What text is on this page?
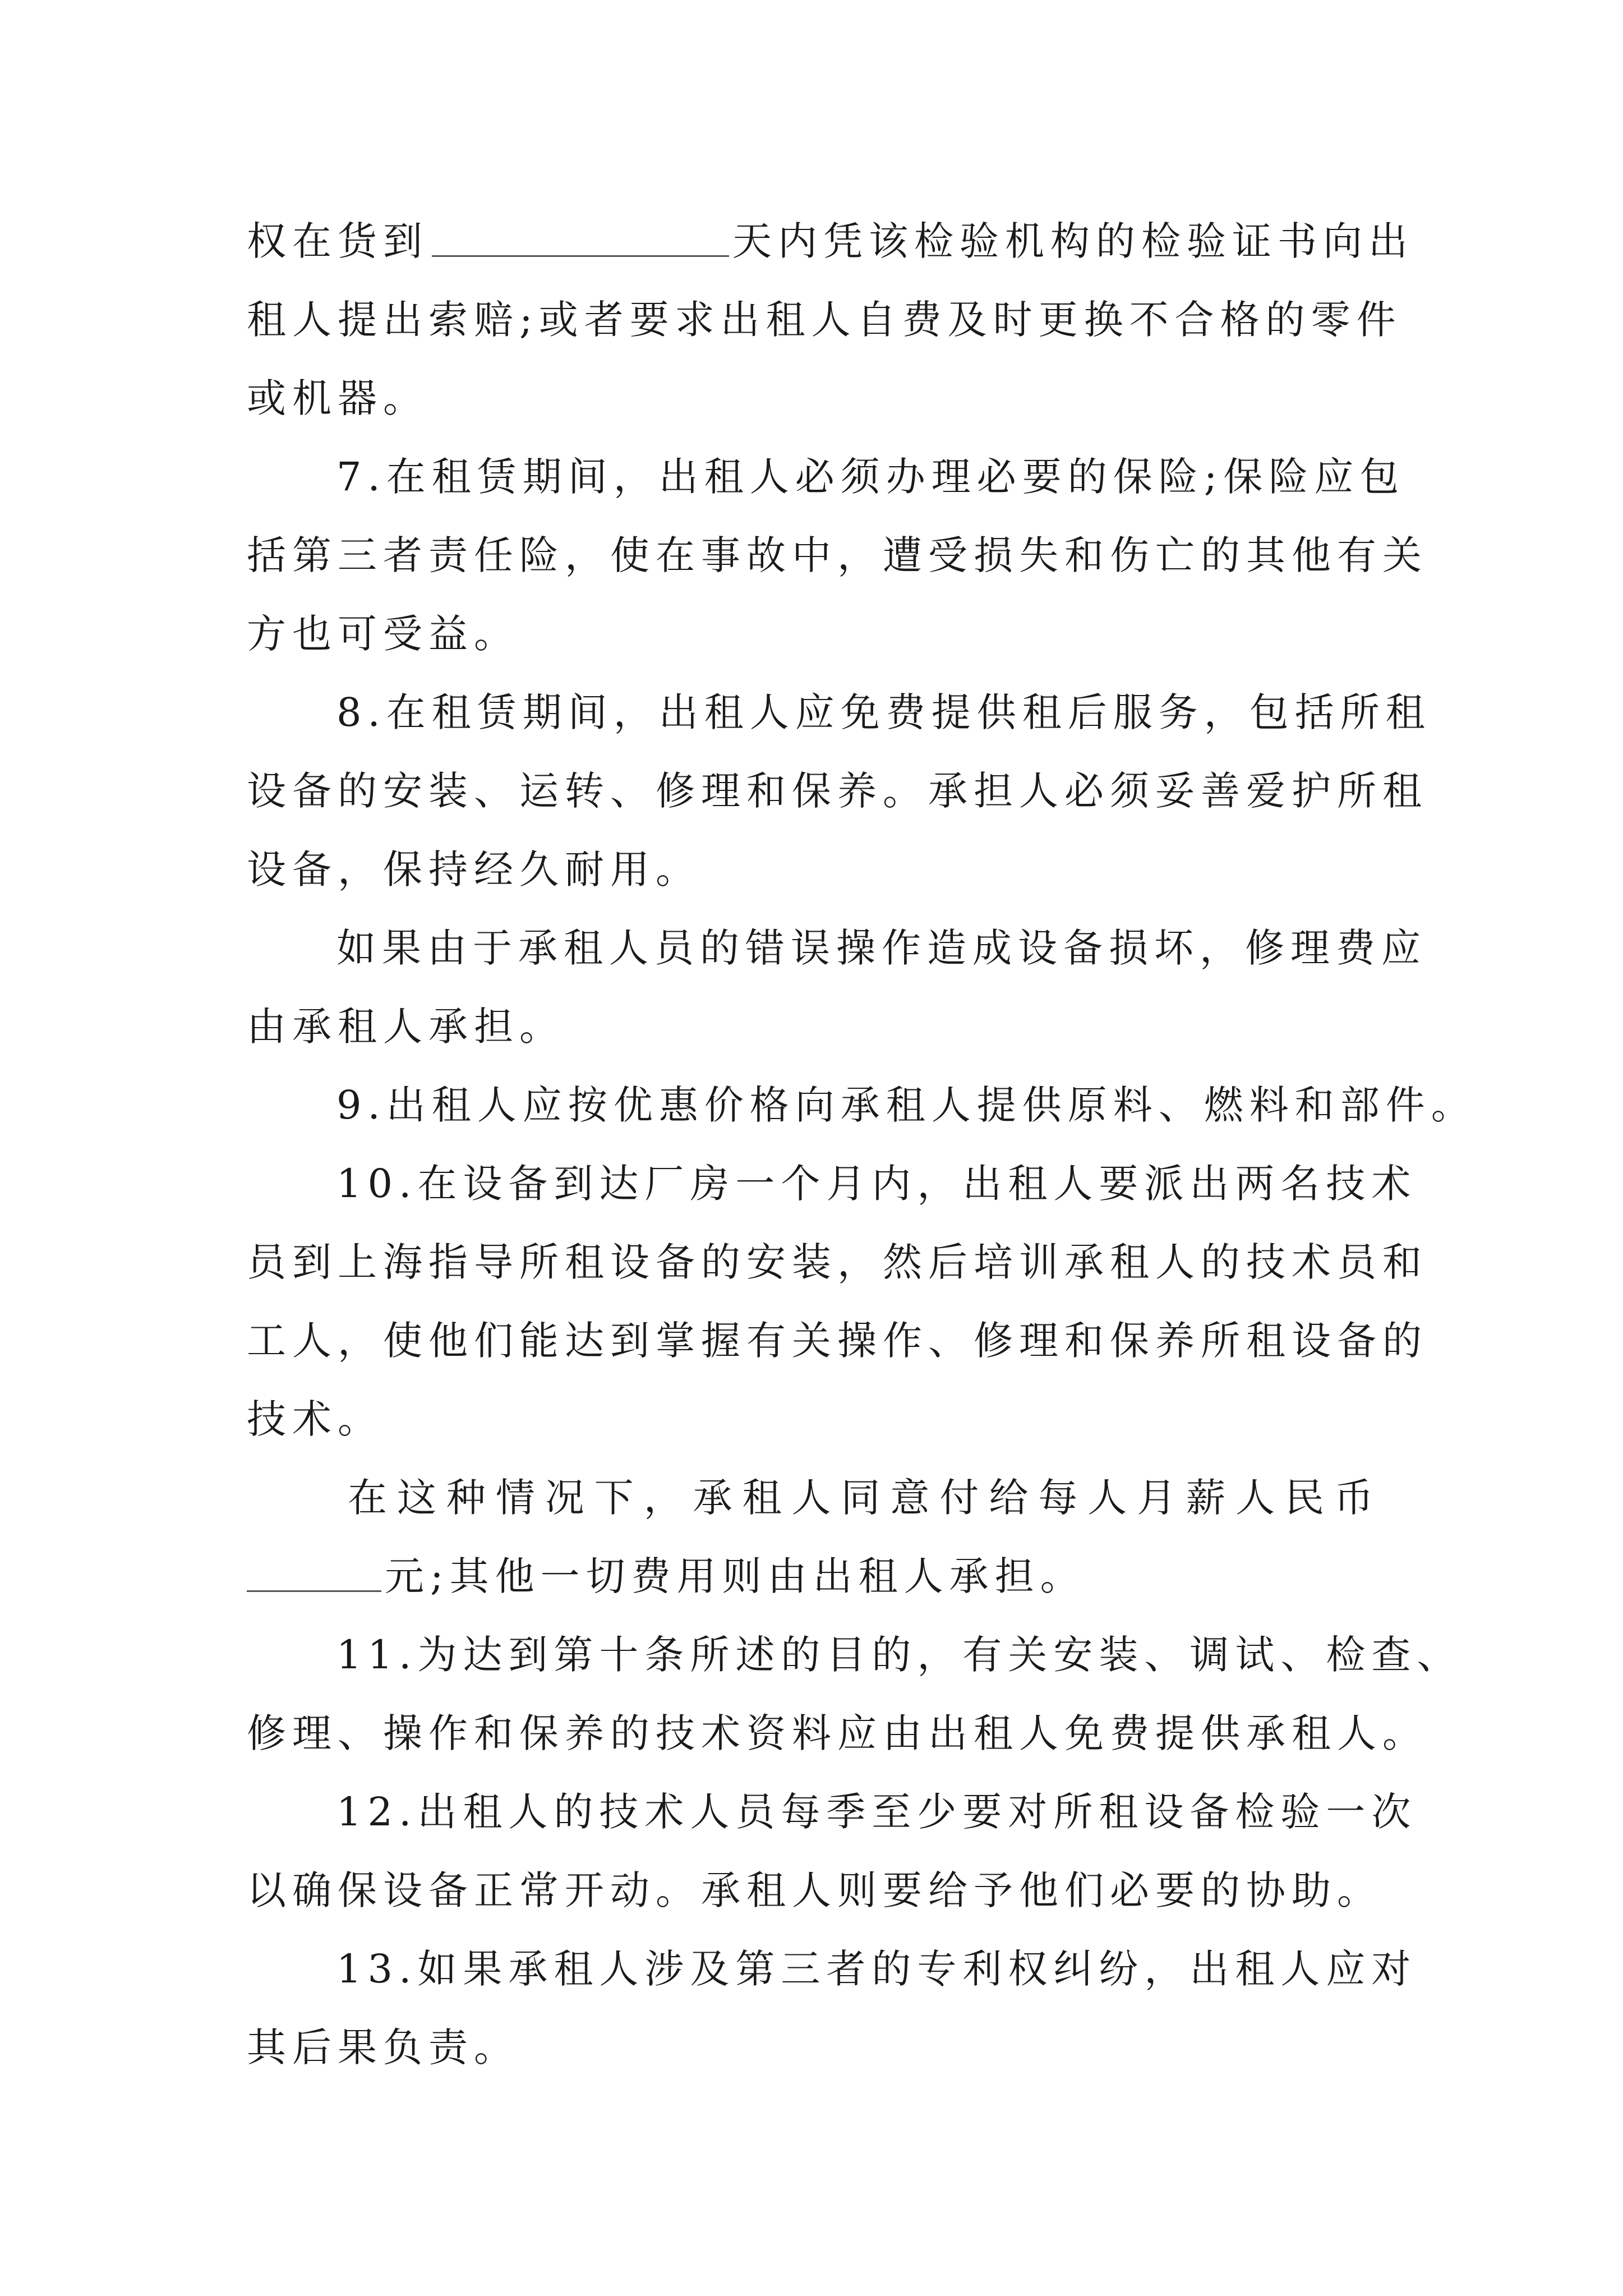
权在货到	天内凭该检验机构的检验证书向出
租人提出索赔;或者要求出租人自费及时更换不合格的零件
或机器。
7.在租赁期间，出租人必须办理必要的保险;保险应包
括第三者责任险，使在事故中，遭受损失和伤亡的其他有关
方也可受益。
8.在租赁期间，出租人应免费提供租后服务，包括所租
设备的安装、运转、修理和保养。承担人必须妥善爱护所租
设备，保持经久耐用。
如果由于承租人员的错误操作造成设备损坏，修理费应
由承租人承担。
9.出租人应按优惠价格向承租人提供原料、燃料和部件。
10.在设备到达厂房一个月内，出租人要派出两名技术
员到上海指导所租设备的安装，然后培训承租人的技术员和
工人，使他们能达到掌握有关操作、修理和保养所租设备的
技术。
在这种情况下，承租人同意付给每人月薪人民币
元;其他一切费用则由出租人承担。
11.为达到第十条所述的目的，有关安装、调试、检查、
修理、操作和保养的技术资料应由出租人免费提供承租人。
12.出租人的技术人员每季至少要对所租设备检验一次
以确保设备正常开动。承租人则要给予他们必要的协助。
13.如果承租人涉及第三者的专利权纠纷，出租人应对
其后果负责。
